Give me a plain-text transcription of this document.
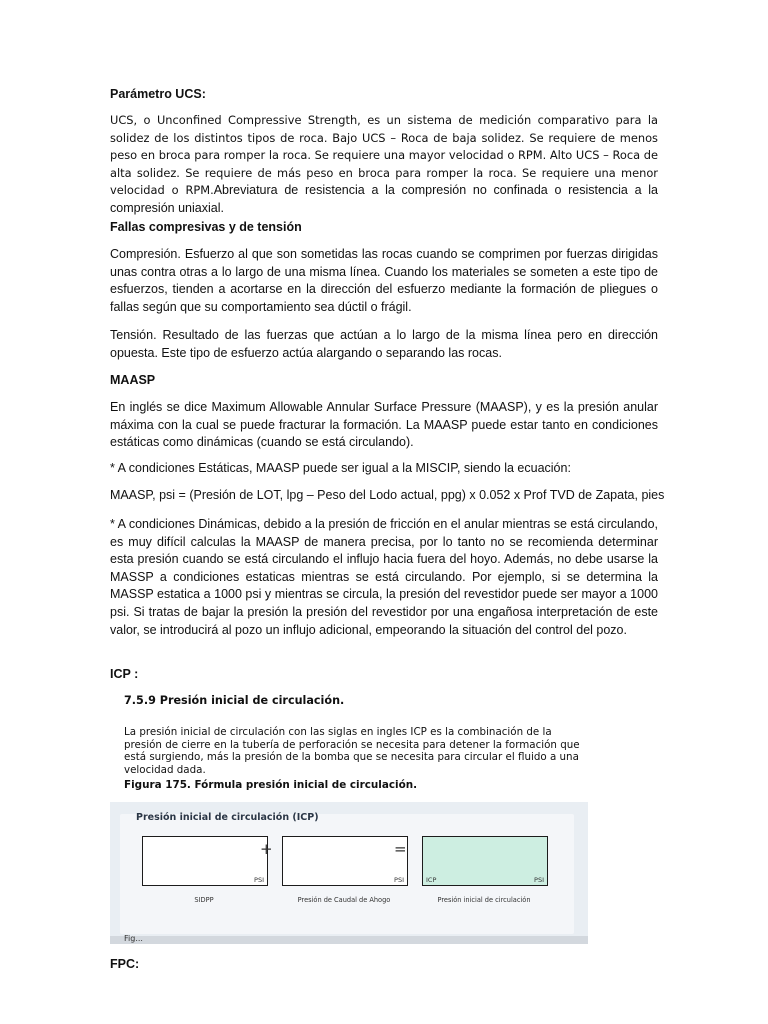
Parámetro UCS:
UCS, o Unconfined Compressive Strength, es un sistema de medición comparativo para la solidez de los distintos tipos de roca. Bajo UCS – Roca de baja solidez. Se requiere de menos peso en broca para romper la roca. Se requiere una mayor velocidad o RPM. Alto UCS – Roca de alta solidez. Se requiere de más peso en broca para romper la roca. Se requiere una menor velocidad o RPM.Abreviatura de resistencia a la compresión no confinada o resistencia a la compresión uniaxial.
Fallas compresivas y de tensión
Compresión. Esfuerzo al que son sometidas las rocas cuando se comprimen por fuerzas dirigidas unas contra otras a lo largo de una misma línea. Cuando los materiales se someten a este tipo de esfuerzos, tienden a acortarse en la dirección del esfuerzo mediante la formación de pliegues o fallas según que su comportamiento sea dúctil o frágil.
Tensión. Resultado de las fuerzas que actúan a lo largo de la misma línea pero en dirección opuesta. Este tipo de esfuerzo actúa alargando o separando las rocas.
MAASP
En inglés se dice Maximum Allowable Annular Surface Pressure (MAASP), y es la presión anular máxima con la cual se puede fracturar la formación. La MAASP puede estar tanto en condiciones estáticas como dinámicas (cuando se está circulando).
* A condiciones Estáticas, MAASP puede ser igual a la MISCIP, siendo la ecuación:
MAASP, psi = (Presión de LOT, lpg – Peso del Lodo actual, ppg) x 0.052 x Prof TVD de Zapata, pies
* A condiciones Dinámicas, debido a la presión de fricción en el anular mientras se está circulando, es muy difícil calculas la MAASP de manera precisa, por lo tanto no se recomienda determinar esta presión cuando se está circulando el influjo hacia fuera del hoyo. Además, no debe usarse la MASSP a condiciones estaticas mientras se está circulando. Por ejemplo, si se determina la MASSP estatica a 1000 psi y mientras se circula, la presión del revestidor puede ser mayor a 1000 psi. Si tratas de bajar la presión la presión del revestidor por una engañosa interpretación de este valor, se introducirá al pozo un influjo adicional, empeorando la situación del control del pozo.
ICP :
7.5.9 Presión inicial de circulación.
La presión inicial de circulación con las siglas en ingles ICP es la combinación de la presión de cierre en la tubería de perforación se necesita para detener la formación que está surgiendo, más la presión de la bomba que se necesita para circular el fluido a una velocidad dada.
Figura 175. Fórmula presión inicial de circulación.
Presión inicial de circulación (ICP)
PSI
+
PSI
=
ICP	PSI
SIDPP	Presión de Caudal de Ahogo	Presión inicial de circulación
Fig...
FPC:
